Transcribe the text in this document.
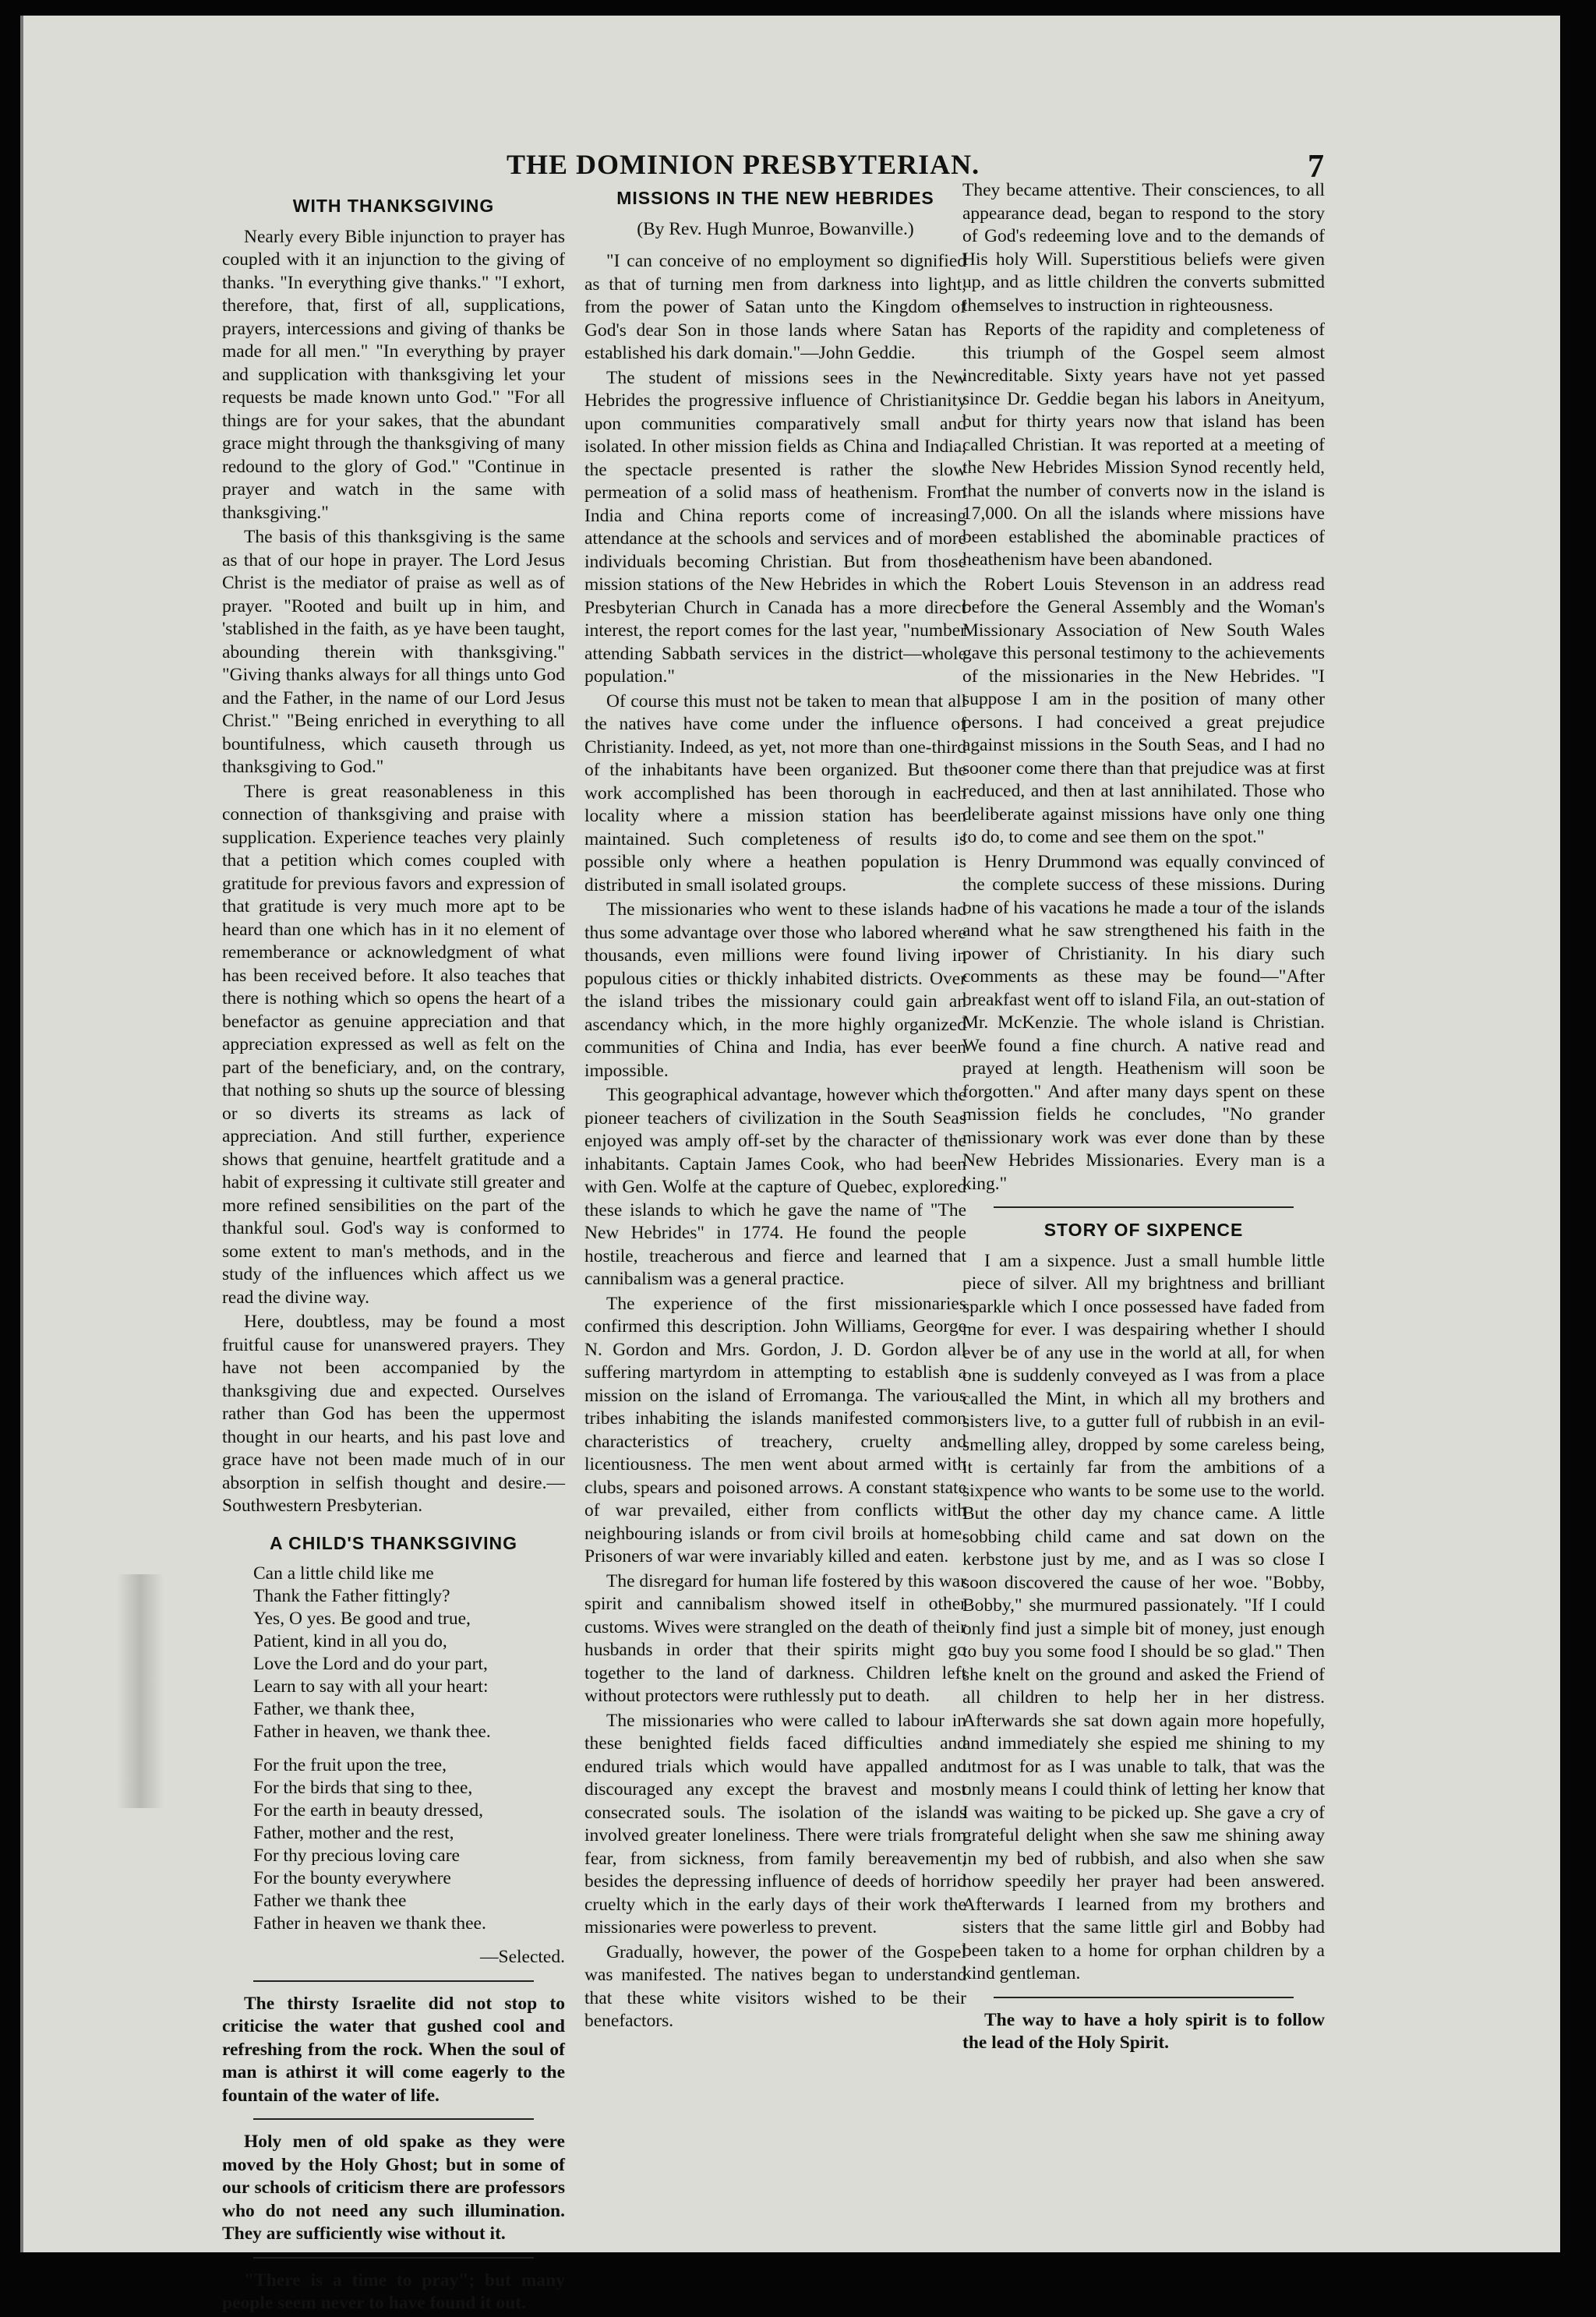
THE DOMINION PRESBYTERIAN.	7
WITH THANKSGIVING

Nearly every Bible injunction to prayer has coupled with it an injunction to the giving of thanks. "In everything give thanks." "I exhort, therefore, that, first of all, supplications, prayers, intercessions and giving of thanks be made for all men." "In everything by prayer and supplication with thanksgiving let your requests be made known unto God." "For all things are for your sakes, that the abundant grace might through the thanksgiving of many redound to the glory of God." "Continue in prayer and watch in the same with thanksgiving."

The basis of this thanksgiving is the same as that of our hope in prayer. The Lord Jesus Christ is the mediator of praise as well as of prayer. "Rooted and built up in him, and 'stablished in the faith, as ye have been taught, abounding therein with thanksgiving." "Giving thanks always for all things unto God and the Father, in the name of our Lord Jesus Christ." "Being enriched in everything to all bountifulness, which causeth through us thanksgiving to God."

There is great reasonableness in this connection of thanksgiving and praise with supplication. Experience teaches very plainly that a petition which comes coupled with gratitude for previous favors and expression of that gratitude is very much more apt to be heard than one which has in it no element of rememberance or acknowledgment of what has been received before. It also teaches that there is nothing which so opens the heart of a benefactor as genuine appreciation and that appreciation expressed as well as felt on the part of the beneficiary, and, on the contrary, that nothing so shuts up the source of blessing or so diverts its streams as lack of appreciation. And still further, experience shows that genuine, heartfelt gratitude and a habit of expressing it cultivate still greater and more refined sensibilities on the part of the thankful soul. God's way is conformed to some extent to man's methods, and in the study of the influences which affect us we read the divine way.

Here, doubtless, may be found a most fruitful cause for unanswered prayers. They have not been accompanied by the thanksgiving due and expected. Ourselves rather than God has been the uppermost thought in our hearts, and his past love and grace have not been made much of in our absorption in selfish thought and desire.—Southwestern Presbyterian.

A CHILD'S THANKSGIVING
Can a little child like me
Thank the Father fittingly?
Yes, O yes. Be good and true,
Patient, kind in all you do,
Love the Lord and do your part,
Learn to say with all your heart:
Father, we thank thee,
Father in heaven, we thank thee.
For the fruit upon the tree,
For the birds that sing to thee,
For the earth in beauty dressed,
Father, mother and the rest,
For thy precious loving care
For the bounty everywhere
Father we thank thee
Father in heaven we thank thee.
—Selected.

The thirsty Israelite did not stop to criticise the water that gushed cool and refreshing from the rock. When the soul of man is athirst it will come eagerly to the fountain of the water of life.

Holy men of old spake as they were moved by the Holy Ghost; but in some of our schools of criticism there are professors who do not need any such illumination. They are sufficiently wise without it.

"There is a time to pray"; but many people seem never to have found it out.

MISSIONS IN THE NEW HEBRIDES
(By Rev. Hugh Munroe, Bowanville.)

"I can conceive of no employment so dignified as that of turning men from darkness into light, from the power of Satan unto the Kingdom of God's dear Son in those lands where Satan has established his dark domain."—John Geddie.

The student of missions sees in the New Hebrides the progressive influence of Christianity upon communities comparatively small and isolated. In other mission fields as China and India, the spectacle presented is rather the slow permeation of a solid mass of heathenism. From India and China reports come of increasing attendance at the schools and services and of more individuals becoming Christian. But from those mission stations of the New Hebrides in which the Presbyterian Church in Canada has a more direct interest, the report comes for the last year, "number attending Sabbath services in the district—whole population."

Of course this must not be taken to mean that all the natives have come under the influence of Christianity. Indeed, as yet, not more than one-third of the inhabitants have been organized. But the work accomplished has been thorough in each locality where a mission station has been maintained. Such completeness of results is possible only where a heathen population is distributed in small isolated groups.

The missionaries who went to these islands had thus some advantage over those who labored where thousands, even millions were found living in populous cities or thickly inhabited districts. Over the island tribes the missionary could gain an ascendancy which, in the more highly organized communities of China and India, has ever been impossible.

This geographical advantage, however which the pioneer teachers of civilization in the South Seas enjoyed was amply off-set by the character of the inhabitants. Captain James Cook, who had been with Gen. Wolfe at the capture of Quebec, explored these islands to which he gave the name of "The New Hebrides" in 1774. He found the people hostile, treacherous and fierce and learned that cannibalism was a general practice.

The experience of the first missionaries confirmed this description. John Williams, George N. Gordon and Mrs. Gordon, J. D. Gordon all suffering martyrdom in attempting to establish a mission on the island of Erromanga. The various tribes inhabiting the islands manifested common characteristics of treachery, cruelty and licentiousness. The men went about armed with clubs, spears and poisoned arrows. A constant state of war prevailed, either from conflicts with neighbouring islands or from civil broils at home. Prisoners of war were invariably killed and eaten.

The disregard for human life fostered by this war spirit and cannibalism showed itself in other customs. Wives were strangled on the death of their husbands in order that their spirits might go together to the land of darkness. Children left without protectors were ruthlessly put to death.

The missionaries who were called to labour in these benighted fields faced difficulties and endured trials which would have appalled and discouraged any except the bravest and most consecrated souls. The isolation of the islands involved greater loneliness. There were trials from fear, from sickness, from family bereavement, besides the depressing influence of deeds of horrid cruelty which in the early days of their work the missionaries were powerless to prevent.

Gradually, however, the power of the Gospel was manifested. The natives began to understand that these white visitors wished to be their benefactors.

They became attentive. Their consciences, to all appearance dead, began to respond to the story of God's redeeming love and to the demands of His holy Will. Superstitious beliefs were given up, and as little children the converts submitted themselves to instruction in righteousness.

Reports of the rapidity and completeness of this triumph of the Gospel seem almost increditable. Sixty years have not yet passed since Dr. Geddie began his labors in Aneityum, but for thirty years now that island has been called Christian. It was reported at a meeting of the New Hebrides Mission Synod recently held, that the number of converts now in the island is 17,000. On all the islands where missions have been established the abominable practices of heathenism have been abandoned.

Robert Louis Stevenson in an address read before the General Assembly and the Woman's Missionary Association of New South Wales gave this personal testimony to the achievements of the missionaries in the New Hebrides. "I suppose I am in the position of many other persons. I had conceived a great prejudice against missions in the South Seas, and I had no sooner come there than that prejudice was at first reduced, and then at last annihilated. Those who deliberate against missions have only one thing to do, to come and see them on the spot."

Henry Drummond was equally convinced of the complete success of these missions. During one of his vacations he made a tour of the islands and what he saw strengthened his faith in the power of Christianity. In his diary such comments as these may be found—"After breakfast went off to island Fila, an out-station of Mr. McKenzie. The whole island is Christian. We found a fine church. A native read and prayed at length. Heathenism will soon be forgotten." And after many days spent on these mission fields he concludes, "No grander missionary work was ever done than by these New Hebrides Missionaries. Every man is a king."

STORY OF SIXPENCE

I am a sixpence. Just a small humble little piece of silver. All my brightness and brilliant sparkle which I once possessed have faded from me for ever. I was despairing whether I should ever be of any use in the world at all, for when one is suddenly conveyed as I was from a place called the Mint, in which all my brothers and sisters live, to a gutter full of rubbish in an evil-smelling alley, dropped by some careless being, it is certainly far from the ambitions of a sixpence who wants to be some use to the world. But the other day my chance came. A little sobbing child came and sat down on the kerbstone just by me, and as I was so close I soon discovered the cause of her woe. "Bobby, Bobby," she murmured passionately. "If I could only find just a simple bit of money, just enough to buy you some food I should be so glad." Then she knelt on the ground and asked the Friend of all children to help her in her distress. Afterwards she sat down again more hopefully, and immediately she espied me shining to my utmost for as I was unable to talk, that was the only means I could think of letting her know that I was waiting to be picked up. She gave a cry of grateful delight when she saw me shining away in my bed of rubbish, and also when she saw how speedily her prayer had been answered. Afterwards I learned from my brothers and sisters that the same little girl and Bobby had been taken to a home for orphan children by a kind gentleman.

The way to have a holy spirit is to follow the lead of the Holy Spirit.
